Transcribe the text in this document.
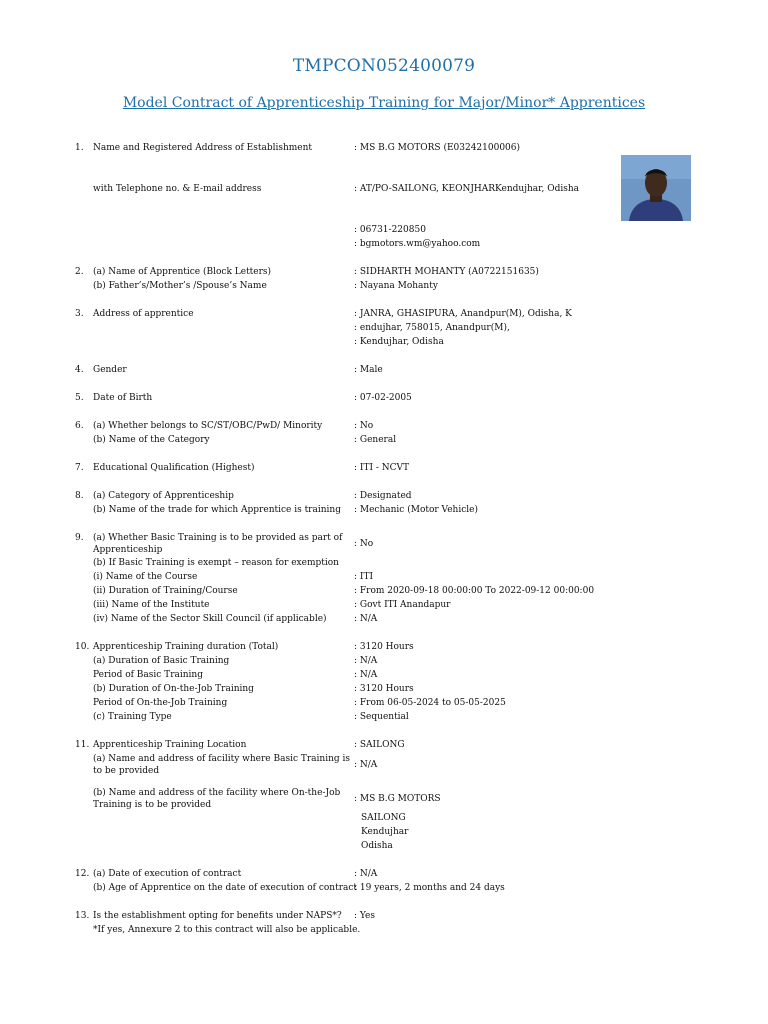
TMPCON052400079
Model Contract of Apprenticeship Training for Major/Minor* Apprentices
1. Name and Registered Address of Establishment	: MS B.G MOTORS (E03242100006)
with Telephone no. & E-mail address	: AT/PO-SAILONG, KEONJHARKendujhar, Odisha
: 06731-220850
: bgmotors.wm@yahoo.com
2. (a) Name of Apprentice (Block Letters)	: SIDHARTH MOHANTY (A0722151635)
(b) Father’s/Mother’s /Spouse’s Name	: Nayana Mohanty
3. Address of apprentice	: JANRA, GHASIPURA, Anandpur(M), Odisha, K
: endujhar, 758015, Anandpur(M),
: Kendujhar, Odisha
4. Gender	: Male
5. Date of Birth	: 07-02-2005
6. (a) Whether belongs to SC/ST/OBC/PwD/ Minority	: No
(b) Name of the Category	: General
7. Educational Qualification (Highest)	: ITI - NCVT
8. (a) Category of Apprenticeship	: Designated
(b) Name of the trade for which Apprentice is training : Mechanic (Motor Vehicle)
9. (a) Whether Basic Training is to be provided as part of
Apprenticeship
: No
(b) If Basic Training is exempt – reason for exemption
(i) Name of the Course	: ITI
(ii) Duration of Training/Course	: From 2020-09-18 00:00:00 To 2022-09-12 00:00:00
(iii) Name of the Institute	: Govt ITI Anandapur
(iv) Name of the Sector Skill Council (if applicable)	: N/A
10. Apprenticeship Training duration (Total)	: 3120 Hours
(a) Duration of Basic Training	: N/A
Period of Basic Training	: N/A
(b) Duration of On-the-Job Training	: 3120 Hours
Period of On-the-Job Training	: From 06-05-2024 to 05-05-2025
(c) Training Type	: Sequential
11. Apprenticeship Training Location	: SAILONG
(a) Name and address of facility where Basic Training is
to be provided
: N/A
(b) Name and address of the facility where On-the-Job
Training is to be provided
: MS B.G MOTORS
SAILONG
Kendujhar
Odisha
12. (a) Date of execution of contract	: N/A
(b) Age of Apprentice on the date of execution of contract
: 19 years, 2 months and 24 days
13. Is the establishment opting for benefits under NAPS*? : Yes
*If yes, Annexure 2 to this contract will also be applicable.
